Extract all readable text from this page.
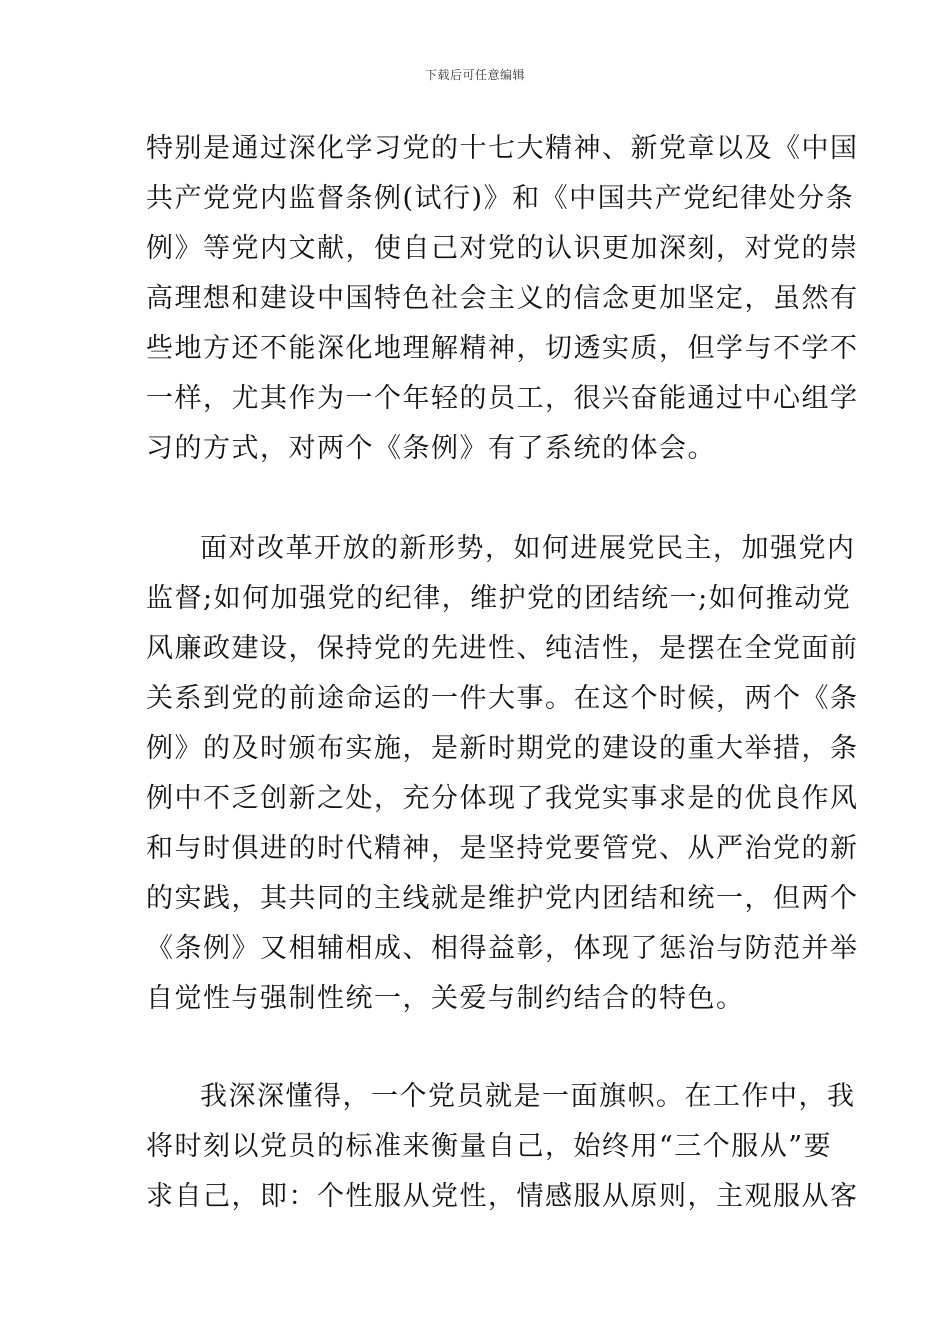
下载后可任意编辑
特别是通过深化学习党的十七大精神、新党章以及《中国
共产党党内监督条例(试行)》和《中国共产党纪律处分条
例》等党内文献，使自己对党的认识更加深刻，对党的崇
高理想和建设中国特色社会主义的信念更加坚定，虽然有
些地方还不能深化地理解精神，切透实质，但学与不学不
一样，尤其作为一个年轻的员工，很兴奋能通过中心组学
习的方式，对两个《条例》有了系统的体会。
面对改革开放的新形势，如何进展党民主，加强党内
监督;如何加强党的纪律，维护党的团结统一;如何推动党
风廉政建设，保持党的先进性、纯洁性，是摆在全党面前
关系到党的前途命运的一件大事。在这个时候，两个《条
例》的及时颁布实施，是新时期党的建设的重大举措，条
例中不乏创新之处，充分体现了我党实事求是的优良作风
和与时俱进的时代精神，是坚持党要管党、从严治党的新
的实践，其共同的主线就是维护党内团结和统一，但两个
《条例》又相辅相成、相得益彰，体现了惩治与防范并举
自觉性与强制性统一，关爱与制约结合的特色。
我深深懂得，一个党员就是一面旗帜。在工作中，我
将时刻以党员的标准来衡量自己，始终用“三个服从”要
求自己，即：个性服从党性，情感服从原则，主观服从客
